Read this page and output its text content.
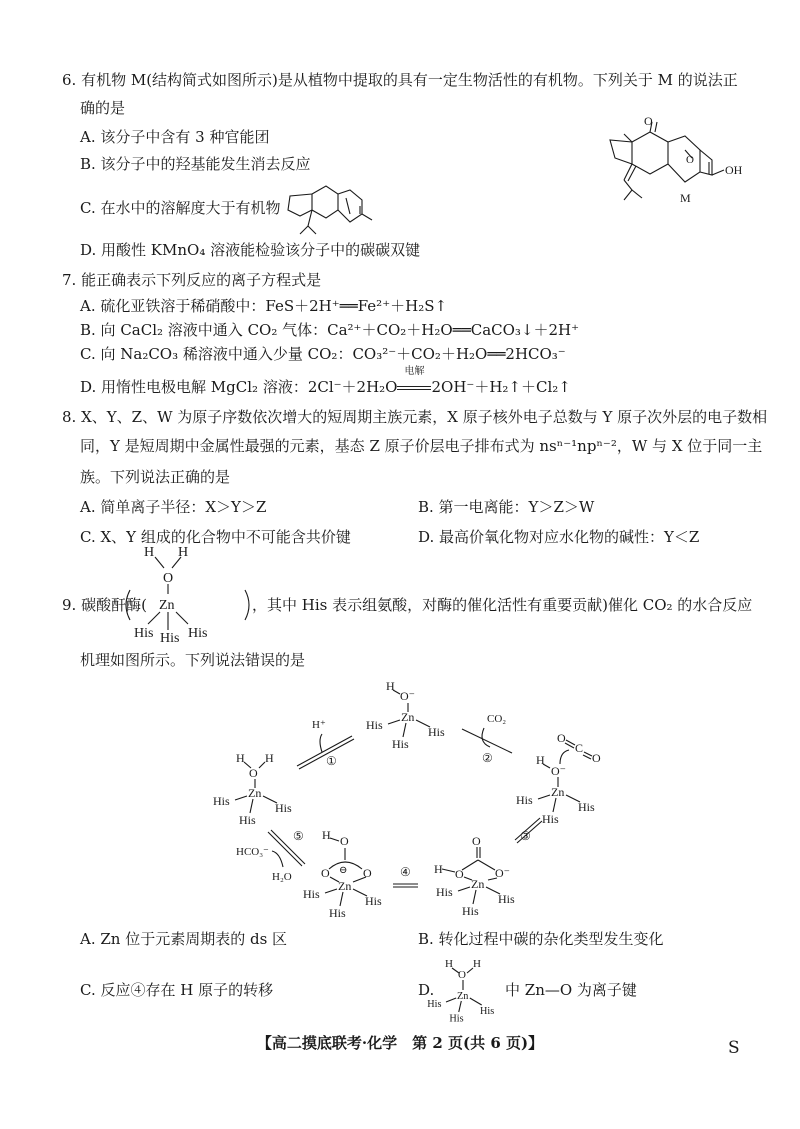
6. 有机物 M(结构简式如图所示)是从植物中提取的具有一定生物活性的有机物。下列关于 M 的说法正
确的是
A. 该分子中含有 3 种官能团
B. 该分子中的羟基能发生消去反应
C. 在水中的溶解度大于有机物
D. 用酸性 KMnO₄ 溶液能检验该分子中的碳碳双键
7. 能正确表示下列反应的离子方程式是
A. 硫化亚铁溶于稀硝酸中：FeS＋2H⁺══Fe²⁺＋H₂S↑
B. 向 CaCl₂ 溶液中通入 CO₂ 气体：Ca²⁺＋CO₂＋H₂O══CaCO₃↓＋2H⁺
C. 向 Na₂CO₃ 稀溶液中通入少量 CO₂：CO₃²⁻＋CO₂＋H₂O══2HCO₃⁻
D. 用惰性电极电解 MgCl₂ 溶液：2Cl⁻＋2H₂O
电解
2OH⁻＋H₂↑＋Cl₂↑
8. X、Y、Z、W 为原子序数依次增大的短周期主族元素，X 原子核外电子总数与 Y 原子次外层的电子数相
同，Y 是短周期中金属性最强的元素，基态 Z 原子价层电子排布式为 nsⁿ⁻¹npⁿ⁻²，W 与 X 位于同一主
族。下列说法正确的是
A. 简单离子半径：X＞Y＞Z	B. 第一电离能：Y＞Z＞W
C. X、Y 组成的化合物中不可能含共价键	D. 最高价氧化物对应水化物的碱性：Y＜Z
9. 碳酸酐酶(	，其中 His 表示组氨酸，对酶的催化活性有重要贡献)催化 CO₂ 的水合反应
机理如图所示。下列说法错误的是
A. Zn 位于元素周期表的 ds 区	B. 转化过程中碳的杂化类型发生变化
C. 反应④存在 H 原子的转移	D.	中 Zn—O 为离子键
【高二摸底联考·化学　第 2 页(共 6 页)】	S
O
O
OH
M
H H
O
Zn
His His His
Zn
His	His
His
O⁻
H
Zn
His	His
His
O
H H
Zn
His	His
His
O⁻
H
O
C
O
Zn
His	His
His
O
O	O⁻
H
Zn
His	His
His
O
H
O	O
⊖
H⁺
①
CO₂
②
③
④
⑤
HCO₃⁻
H₂O
Zn
His
His
His
O
H H
